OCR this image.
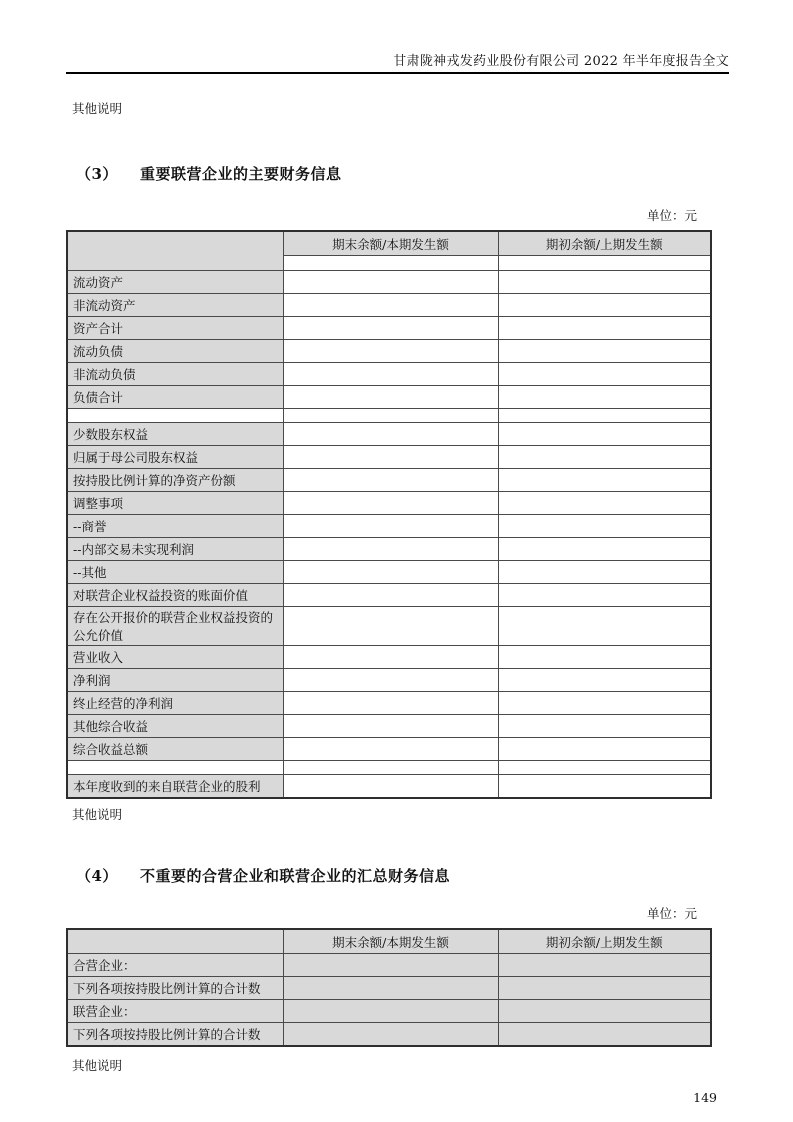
甘肃陇神戎发药业股份有限公司 2022 年半年度报告全文
其他说明
（3） 重要联营企业的主要财务信息
单位：元
	期末余额/本期发生额	期初余额/上期发生额

流动资产		
非流动资产		
资产合计		
流动负债		
非流动负债		
负债合计		

少数股东权益		
归属于母公司股东权益		
按持股比例计算的净资产份额		
调整事项		
--商誉		
--内部交易未实现利润		
--其他		
对联营企业权益投资的账面价值		
存在公开报价的联营企业权益投资的公允价值		
营业收入		
净利润		
终止经营的净利润		
其他综合收益		
综合收益总额		

本年度收到的来自联营企业的股利		
其他说明
（4） 不重要的合营企业和联营企业的汇总财务信息
单位：元
	期末余额/本期发生额	期初余额/上期发生额
合营企业：		
下列各项按持股比例计算的合计数		
联营企业：		
下列各项按持股比例计算的合计数		
其他说明
149
